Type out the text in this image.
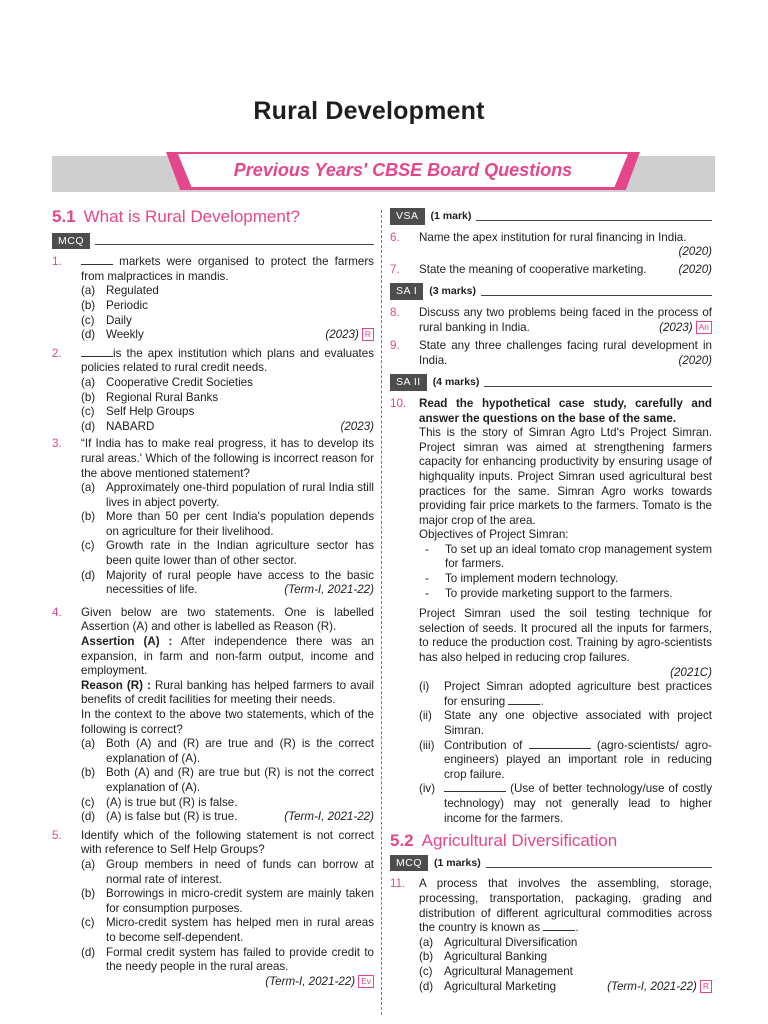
Rural Development
Previous Years' CBSE Board Questions
5.1 What is Rural Development?
MCQ
1.	markets were organised to protect the farmers from malpractices in mandis.
(a) Regulated
(b) Periodic
(c) Daily
(d) Weekly	(2023) R
2.	is the apex institution which plans and evaluates policies related to rural credit needs.
(a) Cooperative Credit Societies
(b) Regional Rural Banks
(c) Self Help Groups
(d) NABARD	(2023)
3.	“If India has to make real progress, it has to develop its rural areas.' Which of the following is incorrect reason for the above mentioned statement?
(a) Approximately one-third population of rural India still lives in abject poverty.
(b) More than 50 per cent India's population depends on agriculture for their livelihood.
(c) Growth rate in the Indian agriculture sector has been quite lower than of other sector.
(d) Majority of rural people have access to the basic necessities of life.	(Term-I, 2021-22)
4.	Given below are two statements. One is labelled Assertion (A) and other is labelled as Reason (R).
Assertion (A) : After independence there was an expansion, in farm and non-farm output, income and employment.
Reason (R) : Rural banking has helped farmers to avail benefits of credit facilities for meeting their needs.
In the context to the above two statements, which of the following is correct?
(a) Both (A) and (R) are true and (R) is the correct explanation of (A).
(b) Both (A) and (R) are true but (R) is not the correct explanation of (A).
(c) (A) is true but (R) is false.
(d) (A) is false but (R) is true.	(Term-I, 2021-22)
5.	Identify which of the following statement is not correct with reference to Self Help Groups?
(a) Group members in need of funds can borrow at normal rate of interest.
(b) Borrowings in micro-credit system are mainly taken for consumption purposes.
(c) Micro-credit system has helped men in rural areas to become self-dependent.
(d) Formal credit system has failed to provide credit to the needy people in the rural areas.
(Term-I, 2021-22) Ev
VSA	(1 mark)
6.	Name the apex institution for rural financing in India.
(2020)
7.	State the meaning of cooperative marketing.	(2020)
SA I	(3 marks)
8.	Discuss any two problems being faced in the process of rural banking in India.	(2023) An
9.	State any three challenges facing rural development in India.	(2020)
SA II	(4 marks)
10.	Read the hypothetical case study, carefully and answer the questions on the base of the same.
This is the story of Simran Agro Ltd's Project Simran. Project simran was aimed at strengthening farmers capacity for enhancing productivity by ensuring usage of highquality inputs. Project Simran used agricultural best practices for the same. Simran Agro works towards providing fair price markets to the farmers. Tomato is the major crop of the area.
Objectives of Project Simran:
-	To set up an ideal tomato crop management system for farmers.
-	To implement modern technology.
-	To provide marketing support to the farmers.
Project Simran used the soil testing technique for selection of seeds. It procured all the inputs for farmers, to reduce the production cost. Training by agro-scientists has also helped in reducing crop failures.
(2021C)
(i)	Project Simran adopted agriculture best practices for ensuring	.
(ii)	State any one objective associated with project Simran.
(iii) Contribution of	(agro-scientists/ agro-engineers) played an important role in reducing crop failure.
(iv)	(Use of better technology/use of costly technology) may not generally lead to higher income for the farmers.
5.2 Agricultural Diversification
MCQ	(1 marks)
11.	A process that involves the assembling, storage, processing, transportation, packaging, grading and distribution of different agricultural commodities across the country is known as	.
(a) Agricultural Diversification
(b) Agricultural Banking
(c) Agricultural Management
(d) Agricultural Marketing	(Term-I, 2021-22) R
